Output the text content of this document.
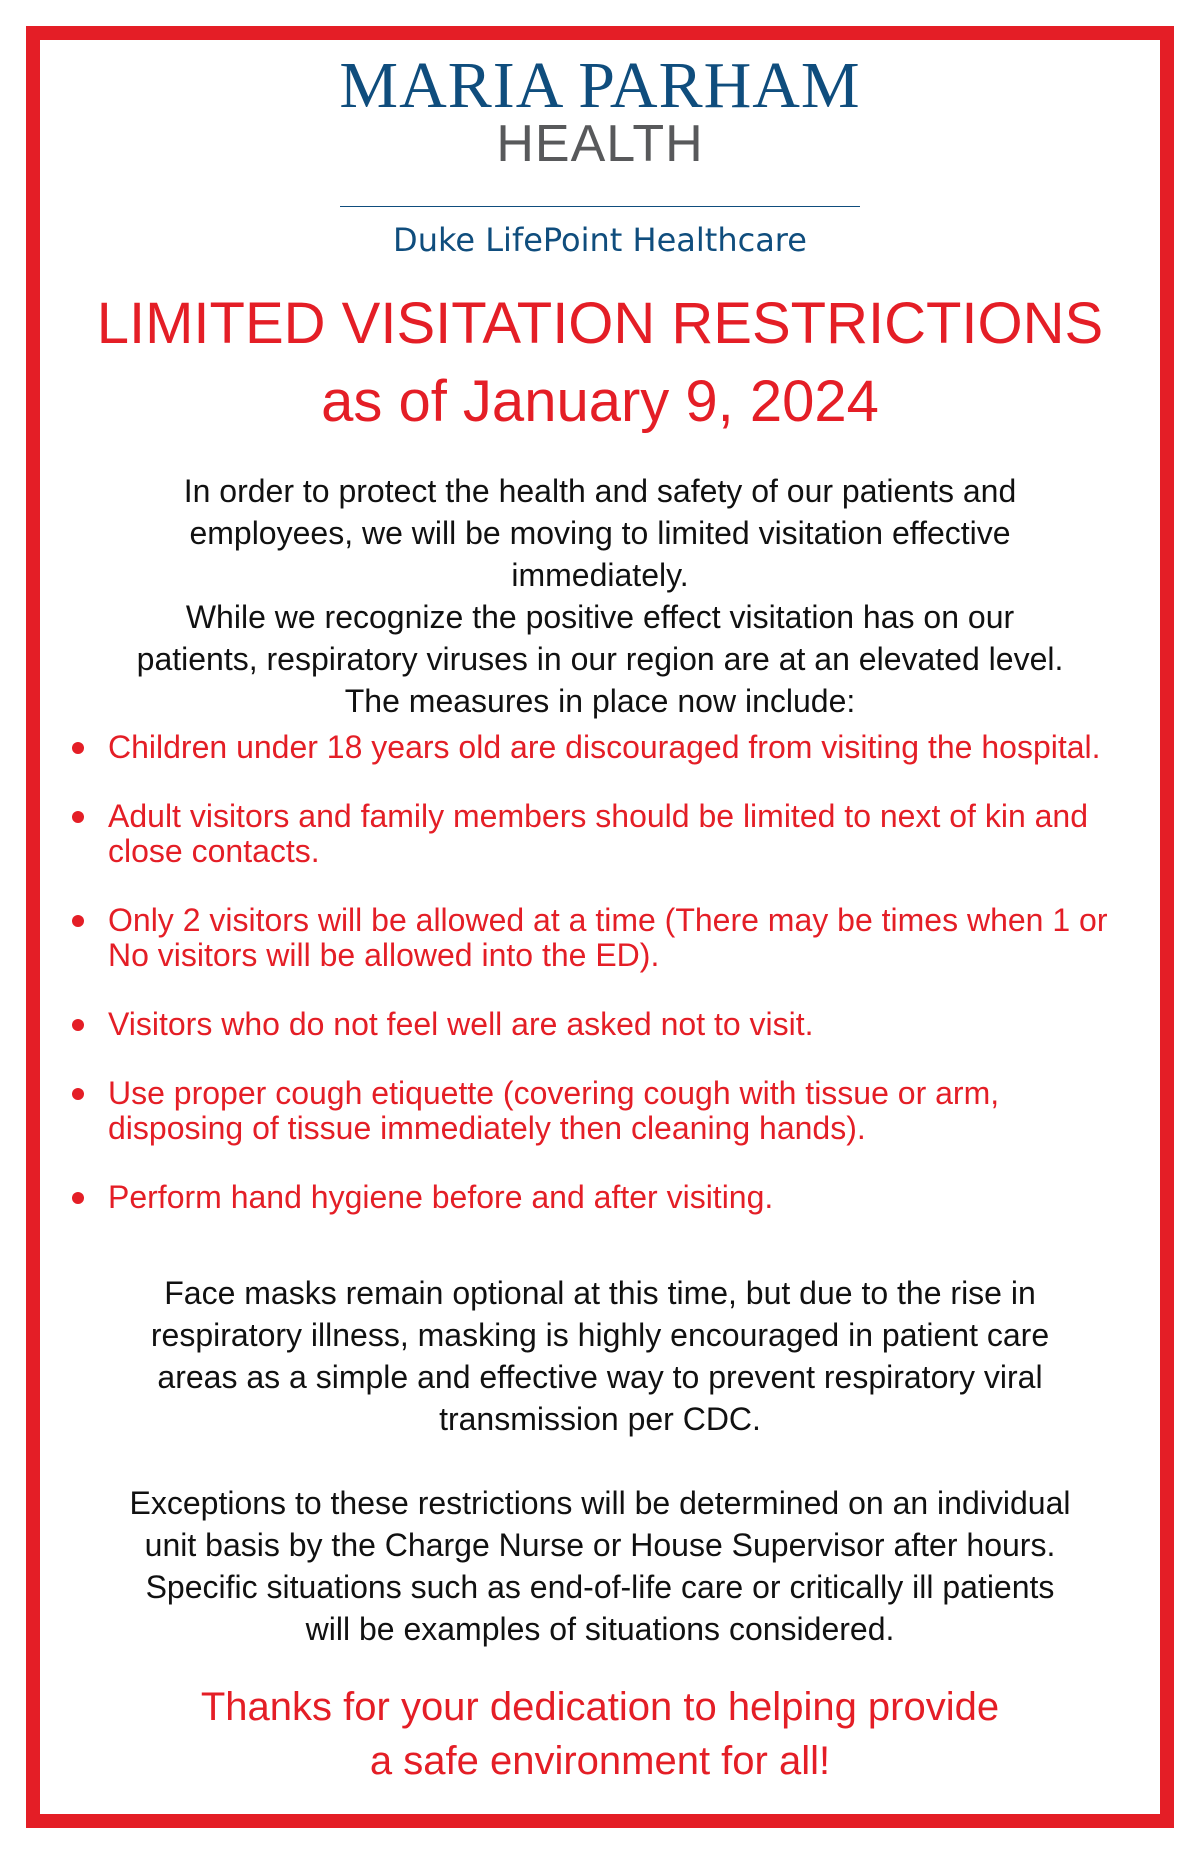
MARIA PARHAM
HEALTH
Duke LifePoint Healthcare
LIMITED VISITATION RESTRICTIONS
as of January 9, 2024
In order to protect the health and safety of our patients and
employees, we will be moving to limited visitation effective
immediately.
While we recognize the positive effect visitation has on our
patients, respiratory viruses in our region are at an elevated level.
The measures in place now include:
Children under 18 years old are discouraged from visiting the hospital.
Adult visitors and family members should be limited to next of kin and close contacts.
Only 2 visitors will be allowed at a time (There may be times when 1 or No visitors will be allowed into the ED).
Visitors who do not feel well are asked not to visit.
Use proper cough etiquette (covering cough with tissue or arm, disposing of tissue immediately then cleaning hands).
Perform hand hygiene before and after visiting.
Face masks remain optional at this time, but due to the rise in
respiratory illness, masking is highly encouraged in patient care
areas as a simple and effective way to prevent respiratory viral
transmission per CDC.
Exceptions to these restrictions will be determined on an individual
unit basis by the Charge Nurse or House Supervisor after hours.
Specific situations such as end-of-life care or critically ill patients
will be examples of situations considered.
Thanks for your dedication to helping provide
a safe environment for all!
